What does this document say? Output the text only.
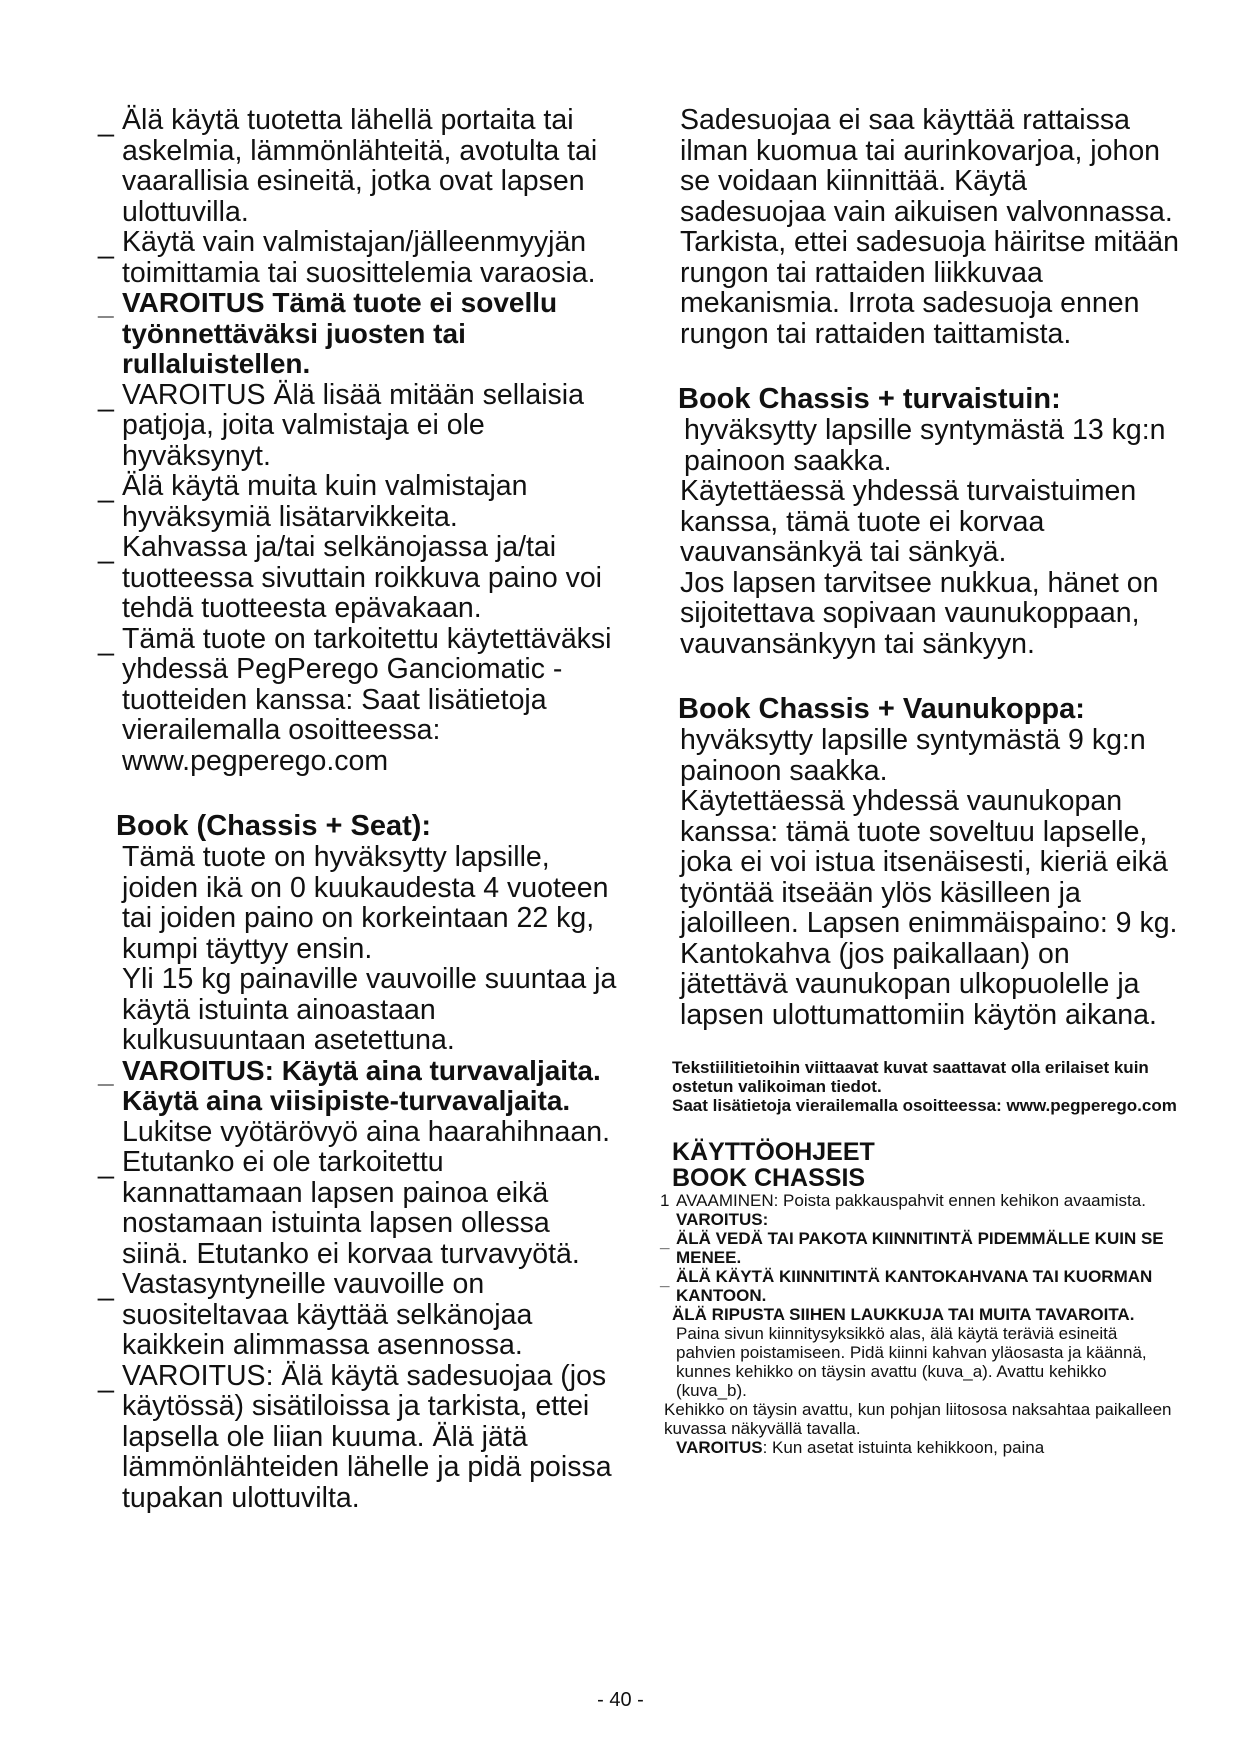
_ Älä käytä tuotetta lähellä portaita tai askelmia, lämmönlähteitä, avotulta tai vaarallisia esineitä, jotka ovat lapsen ulottuvilla.
_ Käytä vain valmistajan/jälleenmyyjän toimittamia tai suosittelemia varaosia.
_ VAROITUS Tämä tuote ei sovellu työnnettäväksi juosten tai rullaluistellen.
_ VAROITUS Älä lisää mitään sellaisia patjoja, joita valmistaja ei ole hyväksynyt.
_ Älä käytä muita kuin valmistajan hyväksymiä lisätarvikkeita.
_ Kahvassa ja/tai selkänojassa ja/tai tuotteessa sivuttain roikkuva paino voi tehdä tuotteesta epävakaan.
_ Tämä tuote on tarkoitettu käytettäväksi yhdessä PegPerego Ganciomatic -tuotteiden kanssa: Saat lisätietoja vierailemalla osoitteessa: www.pegperego.com
Book (Chassis + Seat):
Tämä tuote on hyväksytty lapsille, joiden ikä on 0 kuukaudesta 4 vuoteen tai joiden paino on korkeintaan 22 kg, kumpi täyttyy ensin.
Yli 15 kg painaville vauvoille suuntaa ja käytä istuinta ainoastaan kulkusuuntaan asetettuna.
_ VAROITUS: Käytä aina turvavaljaita. Käytä aina viisipiste-turvavaljaita.
Lukitse vyötärövyö aina haarahihnaan.
_ Etutanko ei ole tarkoitettu kannattamaan lapsen painoa eikä nostamaan istuinta lapsen ollessa siinä. Etutanko ei korvaa turvavyötä.
_ Vastasyntyneille vauvoille on suositeltavaa käyttää selkänojaa kaikkein alimmassa asennossa.
_ VAROITUS: Älä käytä sadesuojaa (jos käytössä) sisätiloissa ja tarkista, ettei lapsella ole liian kuuma. Älä jätä lämmönlähteiden lähelle ja pidä poissa tupakan ulottuvilta.
Sadesuojaa ei saa käyttää rattaissa ilman kuomua tai aurinkovarjoa, johon se voidaan kiinnittää. Käytä sadesuojaa vain aikuisen valvonnassa. Tarkista, ettei sadesuoja häiritse mitään rungon tai rattaiden liikkuvaa mekanismia. Irrota sadesuoja ennen rungon tai rattaiden taittamista.
Book Chassis + turvaistuin:
hyväksytty lapsille syntymästä 13 kg:n painoon saakka.
Käytettäessä yhdessä turvaistuimen kanssa, tämä tuote ei korvaa vauvansänkyä tai sänkyä.
Jos lapsen tarvitsee nukkua, hänet on sijoitettava sopivaan vaunukoppaan, vauvansänkyyn tai sänkyyn.
Book Chassis + Vaunukoppa:
hyväksytty lapsille syntymästä 9 kg:n painoon saakka.
Käytettäessä yhdessä vaunukopan kanssa: tämä tuote soveltuu lapselle, joka ei voi istua itsenäisesti, kieriä eikä työntää itseään ylös käsilleen ja jaloilleen. Lapsen enimmäispaino: 9 kg.
Kantokahva (jos paikallaan) on jätettävä vaunukopan ulkopuolelle ja lapsen ulottumattomiin käytön aikana.

Tekstiilitietoihin viittaavat kuvat saattavat olla erilaiset kuin ostetun valikoiman tiedot.

Saat lisätietoja vierailemalla osoitteessa: www.pegperego.com

KÄYTTÖOHJEET
BOOK CHASSIS
1 AVAAMINEN: Poista pakkauspahvit ennen kehikon avaamista.
VAROITUS:
_ ÄLÄ VEDÄ TAI PAKOTA KIINNITINTÄ PIDEMMÄLLE KUIN SE MENEE.
_ ÄLÄ KÄYTÄ KIINNITINTÄ KANTOKAHVANA TAI KUORMAN KANTOON.
ÄLÄ RIPUSTA SIIHEN LAUKKUJA TAI MUITA TAVAROITA.
Paina sivun kiinnitysyksikkö alas, älä käytä teräviä esineitä pahvien poistamiseen. Pidä kiinni kahvan yläosasta ja käännä, kunnes kehikko on täysin avattu (kuva_a). Avattu kehikko (kuva_b).
Kehikko on täysin avattu, kun pohjan liitososa naksahtaa paikalleen kuvassa näkyvällä tavalla.
VAROITUS: Kun asetat istuinta kehikkoon, paina
- 40 -
